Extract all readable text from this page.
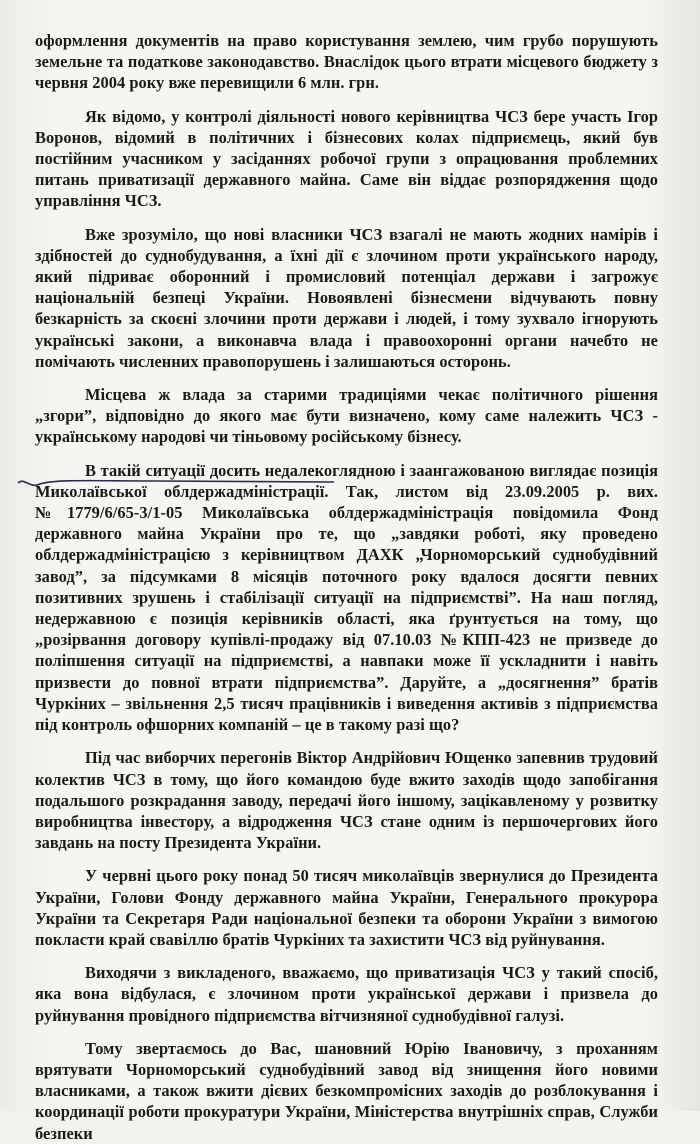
оформлення документів на право користування землею, чим грубо порушують земельне та податкове законодавство. Внаслідок цього втрати місцевого бюджету з червня 2004 року вже перевищили 6 млн. грн.

Як відомо, у контролі діяльності нового керівництва ЧСЗ бере участь Ігор Воронов, відомий в політичних і бізнесових колах підприємець, який був постійним учасником у засіданнях робочої групи з опрацювання проблемних питань приватизації державного майна. Саме він віддає розпорядження щодо управління ЧСЗ.

Вже зрозуміло, що нові власники ЧСЗ взагалі не мають жодних намірів і здібностей до суднобудування, а їхні дії є злочином проти українського народу, який підриває оборонний і промисловий потенціал держави і загрожує національній безпеці України. Новоявлені бізнесмени відчувають повну безкарність за скоєні злочини проти держави і людей, і тому зухвало ігнорують українські закони, а виконавча влада і правоохоронні органи начебто не помічають численних правопорушень і залишаються осторонь.

Місцева ж влада за старими традиціями чекає політичного рішення „згори”, відповідно до якого має бути визначено, кому саме належить ЧСЗ - українському народові чи тіньовому російському бізнесу.

В такій ситуації досить недалекоглядною і заангажованою виглядає позиція Миколаївської облдержадміністрації. Так, листом від 23.09.2005 р. вих. №1779/6/65-3/1-05 Миколаївська облдержадміністрація повідомила Фонд державного майна України про те, що „завдяки роботі, яку проведено облдержадміністрацією з керівництвом ДАХК „Чорноморський суднобудівний завод”, за підсумками 8 місяців поточного року вдалося досягти певних позитивних зрушень і стабілізації ситуації на підприємстві”. На наш погляд, недержавною є позиція керівників області, яка ґрунтується на тому, що „розірвання договору купівлі-продажу від 07.10.03 №КПП-423 не призведе до поліпшення ситуації на підприємстві, а навпаки може її ускладнити і навіть призвести до повної втрати підприємства”. Даруйте, а „досягнення” братів Чуркіних – звільнення 2,5 тисяч працівників і виведення активів з підприємства під контроль офшорних компаній – це в такому разі що?

Під час виборчих перегонів Віктор Андрійович Ющенко запевнив трудовий колектив ЧСЗ в тому, що його командою буде вжито заходів щодо запобігання подальшого розкрадання заводу, передачі його іншому, зацікавленому у розвитку виробництва інвестору, а відродження ЧСЗ стане одним із першочергових його завдань на посту Президента України.

У червні цього року понад 50 тисяч миколаївців звернулися до Президента України, Голови Фонду державного майна України, Генерального прокурора України та Секретаря Ради національної безпеки та оборони України з вимогою покласти край свавіллю братів Чуркіних та захистити ЧСЗ від руйнування.

Виходячи з викладеного, вважаємо, що приватизація ЧСЗ у такий спосіб, яка вона відбулася, є злочином проти української держави і призвела до руйнування провідного підприємства вітчизняної суднобудівної галузі.

Тому звертаємось до Вас, шановний Юрію Івановичу, з проханням врятувати Чорноморський суднобудівний завод від знищення його новими власниками, а також вжити дієвих безкомпромісних заходів до розблокування і координації роботи прокуратури України, Міністерства внутрішніх справ, Служби безпеки
